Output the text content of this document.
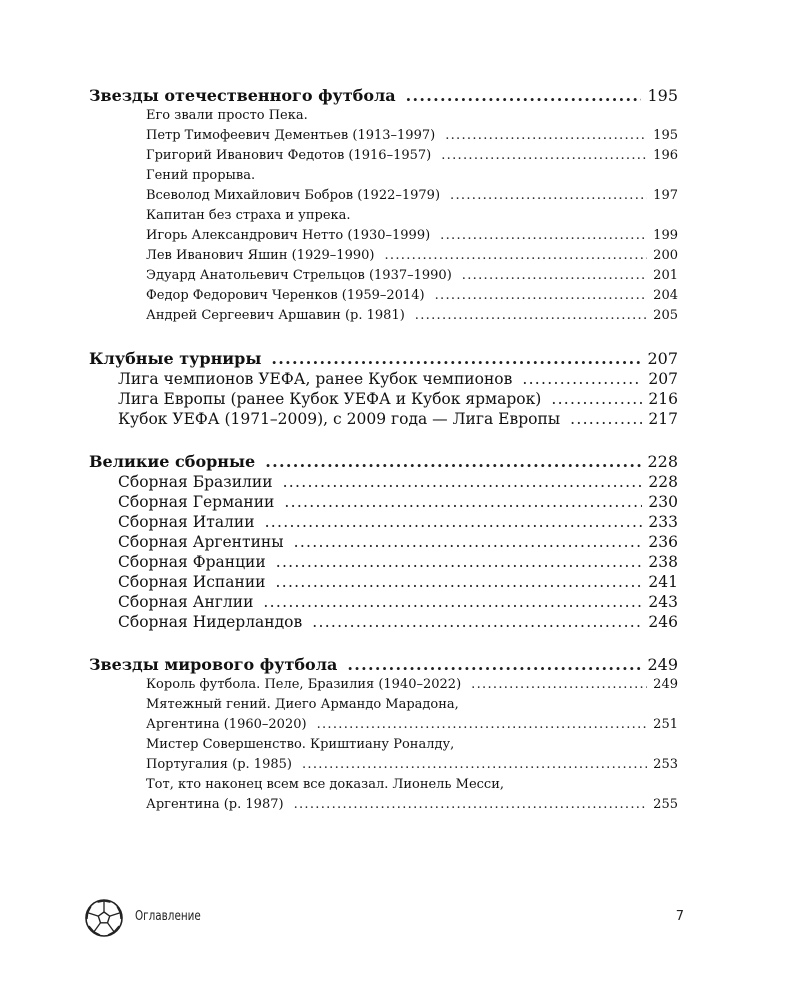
Звезды отечественного футбола .....	195
Его звали просто Пека.
Петр Тимофеевич Дементьев (1913–1997) .....	195
Григорий Иванович Федотов (1916–1957) .....	196
Гений прорыва.
Всеволод Михайлович Бобров (1922–1979) .....	197
Капитан без страха и упрека.
Игорь Александрович Нетто (1930–1999) .....	199
Лев Иванович Яшин (1929–1990) .....	200
Эдуард Анатольевич Стрельцов (1937–1990) .....	201
Федор Федорович Черенков (1959–2014) .....	204
Андрей Сергеевич Аршавин (р. 1981) .....	205
Клубные турниры .....	207
Лига чемпионов УЕФА, ранее Кубок чемпионов .....	207
Лига Европы (ранее Кубок УЕФА и Кубок ярмарок) .....	216
Кубок УЕФА (1971–2009), с 2009 года — Лига Европы .....	217
Великие сборные .....	228
Сборная Бразилии .....	228
Сборная Германии .....	230
Сборная Италии .....	233
Сборная Аргентины .....	236
Сборная Франции .....	238
Сборная Испании .....	241
Сборная Англии .....	243
Сборная Нидерландов .....	246
Звезды мирового футбола .....	249
Король футбола. Пеле, Бразилия (1940–2022) .....	249
Мятежный гений. Диего Армандо Марадона,
Аргентина (1960–2020) .....	251
Мистер Совершенство. Криштиану Роналду,
Португалия (р. 1985) .....	253
Тот, кто наконец всем все доказал. Лионель Месси,
Аргентина (р. 1987) .....	255
Оглавление	7
